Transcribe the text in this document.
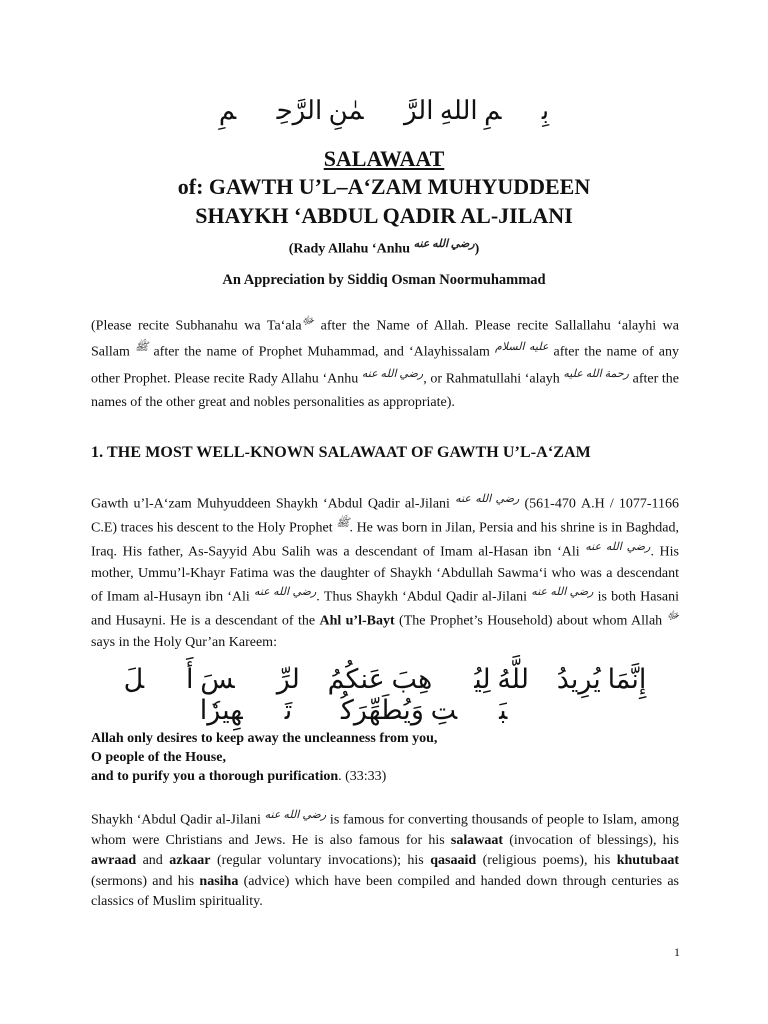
بِسۡمِ اللهِ الرَّحۡمٰنِ الرَّحِيۡمِ
SALAWAAT
of: GAWTH U’L–A‘ZAM MUHYUDDEEN
SHAYKH ‘ABDUL QADIR AL-JILANI
(Rady Allahu ‘Anhu $^{رضي الله عنه}$)
An Appreciation by Siddiq Osman Noormuhammad
(Please recite Subhanahu wa Ta‘ala$^ﷻ$ after the Name of Allah. Please recite Sallallahu ‘alayhi wa Sallam $^ﷺ$ after the name of Prophet Muhammad, and ‘Alayhissalam $^{عليه السلام}$ after the name of any other Prophet. Please recite Rady Allahu ‘Anhu $^{رضي الله عنه}$, or Rahmatullahi ‘alayh $^{رحمة الله عليه}$ after the names of the other great and nobles personalities as appropriate).
1. THE MOST WELL-KNOWN SALAWAAT OF GAWTH U’L-A‘ZAM
Gawth u’l-A‘zam Muhyuddeen Shaykh ‘Abdul Qadir al-Jilani $^{رضي الله عنه}$ (470-561 A.H / 1077-1166 C.E) traces his descent to the Holy Prophet $^ﷺ$. He was born in Jilan, Persia and his shrine is in Baghdad, Iraq. His father, As-Sayyid Abu Salih was a descendant of Imam al-Hasan ibn ‘Ali $^{رضي الله عنه}$. His mother, Ummu’l-Khayr Fatima was the daughter of Shaykh ‘Abdullah Sawma‘i who was a descendant of Imam al-Husayn ibn ‘Ali $^{رضي الله عنه}$. Thus Shaykh ‘Abdul Qadir al-Jilani $^{رضي الله عنه}$ is both Hasani and Husayni. He is a descendant of the Ahl u’l-Bayt (The Prophet’s Household) about whom Allah $^ﷻ$ says in the Holy Qur’an Kareem:
إِنَّمَا يُرِيدُ ٱللَّهُ لِيُذۡهِبَ عَنكُمُ ٱلرِّجۡسَ أَهۡلَ ٱلۡبَيۡتِ وَيُطَهِّرَكُمۡ تَطۡهِيرٗا
Allah only desires to keep away the uncleanness from you,
O people of the House,
and to purify you a thorough purification. (33:33)
Shaykh ‘Abdul Qadir al-Jilani $^{رضي الله عنه}$ is famous for converting thousands of people to Islam, among whom were Christians and Jews. He is also famous for his salawaat (invocation of blessings), his awraad and azkaar (regular voluntary invocations); his qasaaid (religious poems), his khutubaat (sermons) and his nasiha (advice) which have been compiled and handed down through centuries as classics of Muslim spirituality.
1
